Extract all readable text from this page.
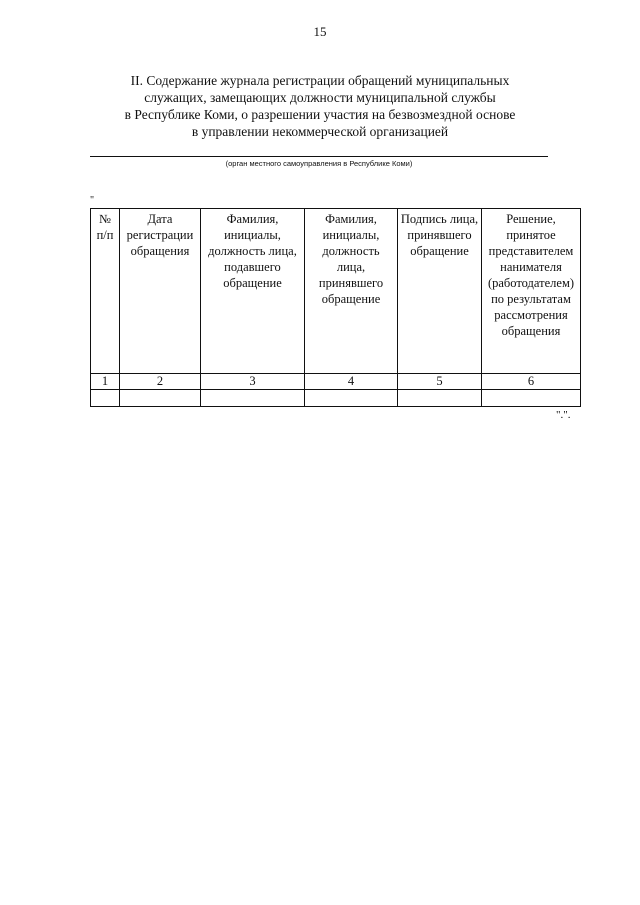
15
II. Содержание журнала регистрации обращений муниципальных
служащих, замещающих должности муниципальной службы
в Республике Коми, о разрешении участия на безвозмездной основе
в управлении некоммерческой организацией
(орган местного самоуправления в Республике Коми)
"
№ п/п	Дата регистрации обращения	Фамилия, инициалы, должность лица, подавшего обращение	Фамилия, инициалы, должность лица, принявшего обращение	Подпись лица, принявшего обращение	Решение, принятое представителем нанимателя (работодателем) по результатам рассмотрения обращения
1	2	3	4	5	6

".".
